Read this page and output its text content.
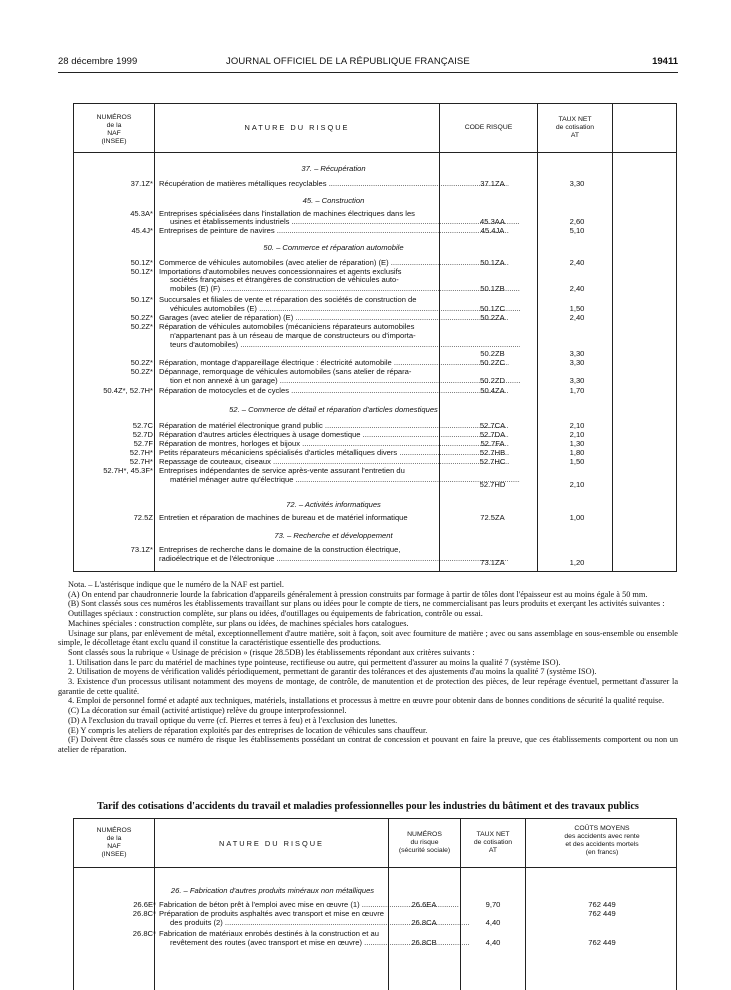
28 décembre 1999	JOURNAL OFFICIEL DE LA RÉPUBLIQUE FRANÇAISE	19411
NUMÉROS
de la
NAF
(INSEE)
NATURE DU RISQUE	CODE RISQUE
TAUX NET
de cotisation
AT
37. – Récupération
37.1Z* Récupération de matières métalliques recyclables .....	37.1ZA	3,30
45. – Construction
45.3A* Entreprises spécialisées dans l'installation de machines électriques dans les
usines et établissements industriels .....	45.3AA	2,60
45.4J* Entreprises de peinture de navires .....	45.4JA	5,10
50. – Commerce et réparation automobile
50.1Z* Commerce de véhicules automobiles (avec atelier de réparation) (E) .....	50.1ZA	2,40
50.1Z* Importations d'automobiles neuves concessionnaires et agents exclusifs
sociétés françaises et étrangères de construction de véhicules auto-
mobiles (E) (F) .....	50.1ZB	2,40
50.1Z* Succursales et filiales de vente et réparation des sociétés de construction de
véhicules automobiles (E) .....	50.1ZC	1,50
50.2Z* Garages (avec atelier de réparation) (E) .....	50.2ZA	2,40
50.2Z* Réparation de véhicules automobiles (mécaniciens réparateurs automobiles
n'appartenant pas à un réseau de marque de constructeurs ou d'importa-
teurs d'automobiles) .....
50.2ZB	3,30
50.2Z* Réparation, montage d'appareillage électrique : électricité automobile .....	50.2ZC	3,30
50.2Z* Dépannage, remorquage de véhicules automobiles (sans atelier de répara-
tion et non annexé à un garage) .....	50.2ZD	3,30
50.4Z*, 52.7H* Réparation de motocycles et de cycles .....	50.4ZA	1,70
52. – Commerce de détail et réparation d'articles domestiques
52.7C Réparation de matériel électronique grand public .....	52.7CA	2,10
52.7D Réparation d'autres articles électriques à usage domestique .....	52.7DA	2,10
52.7F Réparation de montres, horloges et bijoux .....	52.7FA	1,30
52.7H* Petits réparateurs mécaniciens spécialisés d'articles métalliques divers .....	52.7HB	1,80
52.7H* Repassage de couteaux, ciseaux .....	52.7HC	1,50
52.7H*, 45.3F* Entreprises indépendantes de service après-vente assurant l'entretien du
matériel ménager autre qu'électrique .....
52.7HD	2,10
72. – Activités informatiques
72.5Z Entretien et réparation de machines de bureau et de matériel informatique	72.5ZA	1,00
73. – Recherche et développement
73.1Z* Entreprises de recherche dans le domaine de la construction électrique,
radioélectrique et de l'électronique .....	73.1ZA	1,20

Nota. – L'astérisque indique que le numéro de la NAF est partiel.

(A) On entend par chaudronnerie lourde la fabrication d'appareils généralement à pression construits par formage à partir de tôles dont l'épaisseur est au moins égale à 50 mm.

(B) Sont classés sous ces numéros les établissements travaillant sur plans ou idées pour le compte de tiers, ne commercialisant pas leurs produits et exerçant les activités suivantes :

Outillages spéciaux : construction complète, sur plans ou idées, d'outillages ou équipements de fabrication, contrôle ou essai.

Machines spéciales : construction complète, sur plans ou idées, de machines spéciales hors catalogues.

Usinage sur plans, par enlèvement de métal, exceptionnellement d'autre matière, soit à façon, soit avec fourniture de matière ; avec ou sans assemblage en sous-ensemble ou ensemble simple, le décolletage étant exclu quand il constitue la caractéristique essentielle des productions.

Sont classés sous la rubrique « Usinage de précision » (risque 28.5DB) les établissements répondant aux critères suivants :

1. Utilisation dans le parc du matériel de machines type pointeuse, rectifieuse ou autre, qui permettent d'assurer au moins la qualité 7 (système ISO).

2. Utilisation de moyens de vérification validés périodiquement, permettant de garantir des tolérances et des ajustements d'au moins la qualité 7 (système ISO).

3. Existence d'un processus utilisant notamment des moyens de montage, de contrôle, de manutention et de protection des pièces, de leur repérage éventuel, permettant d'assurer la garantie de cette qualité.

4. Emploi de personnel formé et adapté aux techniques, matériels, installations et processus à mettre en œuvre pour obtenir dans de bonnes conditions de sécurité la qualité requise.

(C) La décoration sur émail (activité artistique) relève du groupe interprofessionnel.

(D) A l'exclusion du travail optique du verre (cf. Pierres et terres à feu) et à l'exclusion des lunettes.

(E) Y compris les ateliers de réparation exploités par des entreprises de location de véhicules sans chauffeur.

(F) Doivent être classés sous ce numéro de risque les établissements possédant un contrat de concession et pouvant en faire la preuve, que ces établissements comportent ou non un atelier de réparation.

Tarif des cotisations d'accidents du travail et maladies professionnelles pour les industries du bâtiment et des travaux publics
NUMÉROS
de la
NAF
(INSEE)
NATURE DU RISQUE
NUMÉROS
du risque
(sécurité sociale)
TAUX NET
de cotisation
AT
COÛTS MOYENS
des accidents avec rente
et des accidents mortels
(en francs)
26. – Fabrication d'autres produits minéraux non métalliques
26.6E* Fabrication de béton prêt à l'emploi avec mise en œuvre (1) .....	26.6EA	9,70	762 449
26.8C* Préparation de produits asphaltés avec transport et mise en œuvre	762 449
des produits (2) .....	26.8CA	4,40
26.8C* Fabrication de matériaux enrobés destinés à la construction et au
revêtement des routes (avec transport et mise en œuvre) .....	26.8CB	4,40	762 449
